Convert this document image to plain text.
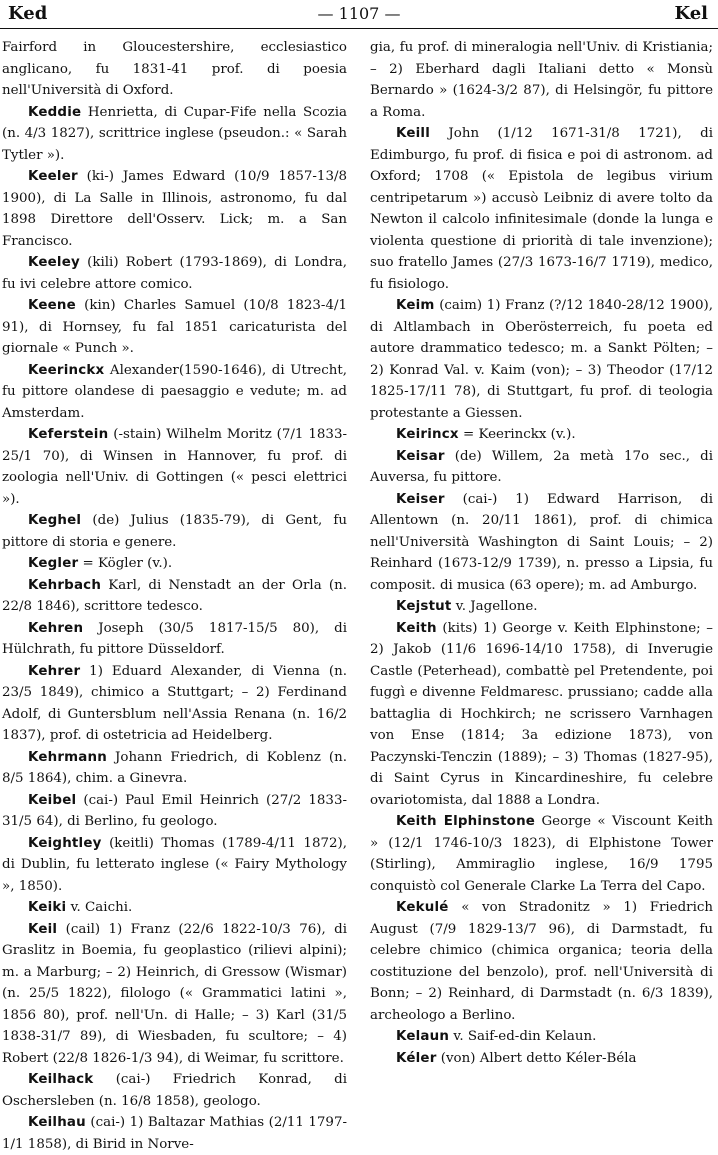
Ked	— 1107 —	Kel

Fairford in Gloucestershire, ecclesiastico anglicano, fu 1831-41 prof. di poesia nell'Università di Oxford.

Keddie Henrietta, di Cupar-Fife nella Scozia (n. 4/3 1827), scrittrice inglese (pseudon.: « Sarah Tytler »).

Keeler (ki-) James Edward (10/9 1857-13/8 1900), di La Salle in Illinois, astronomo, fu dal 1898 Direttore dell'Osserv. Lick; m. a San Francisco.

Keeley (kili) Robert (1793-1869), di Londra, fu ivi celebre attore comico.

Keene (kin) Charles Samuel (10/8 1823-4/1 91), di Hornsey, fu fal 1851 caricaturista del giornale « Punch ».

Keerinckx Alexander(1590-1646), di Utrecht, fu pittore olandese di paesaggio e vedute; m. ad Amsterdam.

Keferstein (-stain) Wilhelm Moritz (7/1 1833-25/1 70), di Winsen in Hannover, fu prof. di zoologia nell'Univ. di Gottingen (« pesci elettrici »).

Keghel (de) Julius (1835-79), di Gent, fu pittore di storia e genere.

Kegler = Kögler (v.).

Kehrbach Karl, di Nenstadt an der Orla (n. 22/8 1846), scrittore tedesco.

Kehren Joseph (30/5 1817-15/5 80), di Hülchrath, fu pittore Düsseldorf.

Kehrer 1) Eduard Alexander, di Vienna (n. 23/5 1849), chimico a Stuttgart; – 2) Ferdinand Adolf, di Guntersblum nell'Assia Renana (n. 16/2 1837), prof. di ostetricia ad Heidelberg.

Kehrmann Johann Friedrich, di Koblenz (n. 8/5 1864), chim. a Ginevra.

Keibel (cai-) Paul Emil Heinrich (27/2 1833-31/5 64), di Berlino, fu geologo.

Keightley (keitli) Thomas (1789-4/11 1872), di Dublin, fu letterato inglese (« Fairy Mythology », 1850).

Keiki v. Caichi.

Keil (cail) 1) Franz (22/6 1822-10/3 76), di Graslitz in Boemia, fu geoplastico (rilievi alpini); m. a Marburg; – 2) Heinrich, di Gressow (Wismar) (n. 25/5 1822), filologo (« Grammatici latini », 1856 80), prof. nell'Un. di Halle; – 3) Karl (31/5 1838-31/7 89), di Wiesbaden, fu scultore; – 4) Robert (22/8 1826-1/3 94), di Weimar, fu scrittore.

Keilhack (cai-) Friedrich Konrad, di Oschersleben (n. 16/8 1858), geologo.

Keilhau (cai-) 1) Baltazar Mathias (2/11 1797-1/1 1858), di Birid in Norve-

gia, fu prof. di mineralogia nell'Univ. di Kristiania; – 2) Eberhard dagli Italiani detto « Monsù Bernardo » (1624-3/2 87), di Helsingör, fu pittore a Roma.

Keill John (1/12 1671-31/8 1721), di Edimburgo, fu prof. di fisica e poi di astronom. ad Oxford; 1708 (« Epistola de legibus virium centripetarum ») accusò Leibniz di avere tolto da Newton il calcolo infinitesimale (donde la lunga e violenta questione di priorità di tale invenzione); suo fratello James (27/3 1673-16/7 1719), medico, fu fisiologo.

Keim (caim) 1) Franz (?/12 1840-28/12 1900), di Altlambach in Oberösterreich, fu poeta ed autore drammatico tedesco; m. a Sankt Pölten; – 2) Konrad Val. v. Kaim (von); – 3) Theodor (17/12 1825-17/11 78), di Stuttgart, fu prof. di teologia protestante a Giessen.

Keirincx = Keerinckx (v.).

Keisar (de) Willem, 2a metà 17o sec., di Auversa, fu pittore.

Keiser (cai-) 1) Edward Harrison, di Allentown (n. 20/11 1861), prof. di chimica nell'Università Washington di Saint Louis; – 2) Reinhard (1673-12/9 1739), n. presso a Lipsia, fu composit. di musica (63 opere); m. ad Amburgo.

Kejstut v. Jagellone.

Keith (kits) 1) George v. Keith Elphinstone; – 2) Jakob (11/6 1696-14/10 1758), di Inverugie Castle (Peterhead), combattè pel Pretendente, poi fuggì e divenne Feldmaresc. prussiano; cadde alla battaglia di Hochkirch; ne scrissero Varnhagen von Ense (1814; 3a edizione 1873), von Paczynski-Tenczin (1889); – 3) Thomas (1827-95), di Saint Cyrus in Kincardineshire, fu celebre ovariotomista, dal 1888 a Londra.

Keith Elphinstone George « Viscount Keith » (12/1 1746-10/3 1823), di Elphistone Tower (Stirling), Ammiraglio inglese, 16/9 1795 conquistò col Generale Clarke La Terra del Capo.

Kekulé « von Stradonitz » 1) Friedrich August (7/9 1829-13/7 96), di Darmstadt, fu celebre chimico (chimica organica; teoria della costituzione del benzolo), prof. nell'Università di Bonn; – 2) Reinhard, di Darmstadt (n. 6/3 1839), archeologo a Berlino.

Kelaun v. Saif-ed-din Kelaun.

Kéler (von) Albert detto Kéler-Béla
